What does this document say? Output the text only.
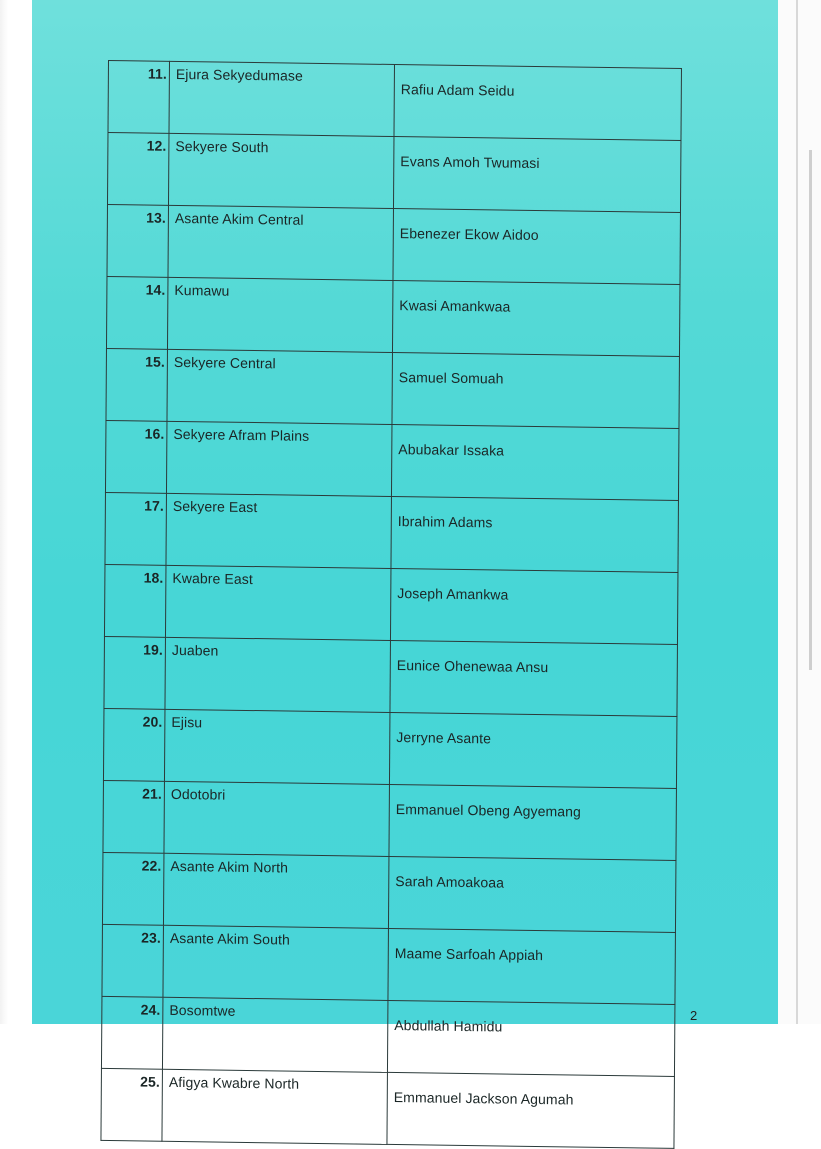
11.	Ejura Sekyedumase	Rafiu Adam Seidu
12.	Sekyere South	Evans Amoh Twumasi
13.	Asante Akim Central	Ebenezer Ekow Aidoo
14.	Kumawu	Kwasi Amankwaa
15.	Sekyere Central	Samuel Somuah
16.	Sekyere Afram Plains	Abubakar Issaka
17.	Sekyere East	Ibrahim Adams
18.	Kwabre East	Joseph Amankwa
19.	Juaben	Eunice Ohenewaa Ansu
20.	Ejisu	Jerryne Asante
21.	Odotobri	Emmanuel Obeng Agyemang
22.	Asante Akim North	Sarah Amoakoaa
23.	Asante Akim South	Maame Sarfoah Appiah
24.	Bosomtwe	Abdullah Hamidu
25.	Afigya Kwabre North	Emmanuel Jackson Agumah
2
